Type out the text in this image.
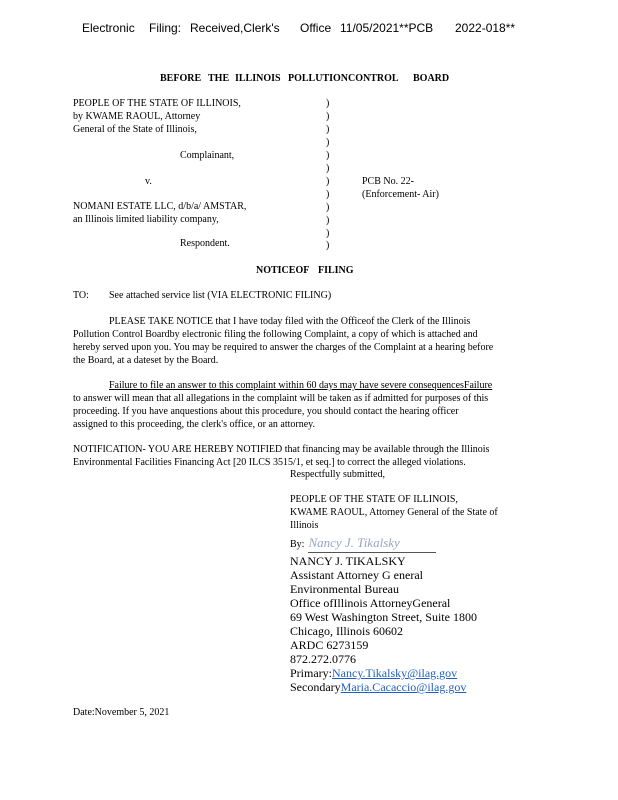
Electronic Filing: Received,Clerk's Office 11/05/2021**PCB 2022-018**
BEFORE THE ILLINOIS POLLUTIONCONTROL BOARD
PEOPLE OF THE STATE OF ILLINOIS,
by KWAME RAOUL, Attorney
General of the State of Illinois,
Complainant,
v.
NOMANI ESTATE LLC, d/b/a/ AMSTAR,
an Illinois limited liability company,
Respondent.
)
)
)
)
)
)
)
)
)
)
)
)
PCB No. 22-
(Enforcement- Air)
NOTICEOF FILING
TO: See attached service list (VIA ELECTRONIC FILING)
PLEASE TAKE NOTICE that I have today filed with the Officeof the Clerk of the Illinois
Pollution Control Boardby electronic filing the following Complaint, a copy of which is attached and
hereby served upon you. You may be required to answer the charges of the Complaint at a hearing before
the Board, at a dateset by the Board.
Failure to file an answer to this complaint within 60 days may have severe consequencesFailure
to answer will mean that all allegations in the complaint will be taken as if admitted for purposes of this
proceeding. If you have anquestions about this procedure, you should contact the hearing officer
assigned to this proceeding, the clerk's office, or an attorney.
NOTIFICATION- YOU ARE HEREBY NOTIFIED that financing may be available through the Illinois
Environmental Facilities Financing Act [20 ILCS 3515/1, et seq.] to correct the alleged violations.
Respectfully submitted,
PEOPLE OF THE STATE OF ILLINOIS,
KWAME RAOUL, Attorney General of the State of
Illinois
By: Nancy J. Tikalsky
NANCY J. TIKALSKY
Assistant Attorney G eneral
Environmental Bureau
Office ofIllinois AttorneyGeneral
69 West Washington Street, Suite 1800
Chicago, Illinois 60602
ARDC 6273159
872.272.0776
Primary:Nancy.Tikalsky@ilag.gov
SecondaryMaria.Cacaccio@ilag.gov
Date:November 5, 2021
